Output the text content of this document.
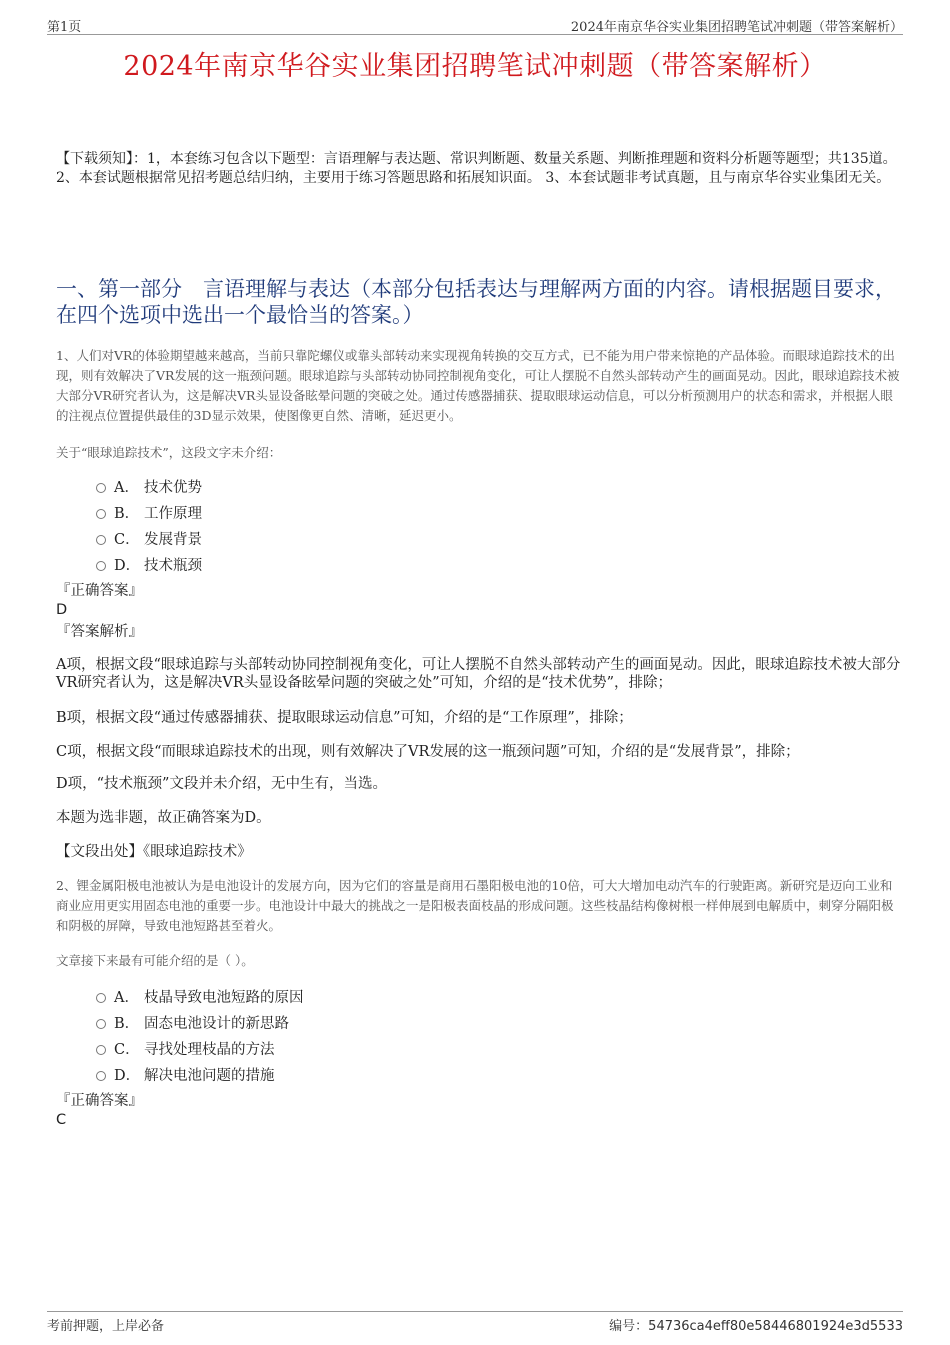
第1页	2024年南京华谷实业集团招聘笔试冲刺题（带答案解析）
2024年南京华谷实业集团招聘笔试冲刺题（带答案解析）
【下载须知】：1，本套练习包含以下题型：言语理解与表达题、常识判断题、数量关系题、判断推理题和资料分析题等题型；共135道。 2、本套试题根据常见招考题总结归纳，主要用于练习答题思路和拓展知识面。 3、本套试题非考试真题，且与南京华谷实业集团无关。
一、第一部分　言语理解与表达（本部分包括表达与理解两方面的内容。请根据题目要求，在四个选项中选出一个最恰当的答案。）
1、人们对VR的体验期望越来越高，当前只靠陀螺仪或靠头部转动来实现视角转换的交互方式，已不能为用户带来惊艳的产品体验。而眼球追踪技术的出现，则有效解决了VR发展的这一瓶颈问题。眼球追踪与头部转动协同控制视角变化，可让人摆脱不自然头部转动产生的画面晃动。因此，眼球追踪技术被大部分VR研究者认为，这是解决VR头显设备眩晕问题的突破之处。通过传感器捕获、提取眼球运动信息，可以分析预测用户的状态和需求，并根据人眼的注视点位置提供最佳的3D显示效果，使图像更自然、清晰，延迟更小。
关于“眼球追踪技术”，这段文字未介绍：
A． 技术优势
B． 工作原理
C． 发展背景
D． 技术瓶颈
『正确答案』
D
『答案解析』
A项，根据文段“眼球追踪与头部转动协同控制视角变化，可让人摆脱不自然头部转动产生的画面晃动。因此，眼球追踪技术被大部分VR研究者认为，这是解决VR头显设备眩晕问题的突破之处”可知，介绍的是“技术优势”，排除；
B项，根据文段“通过传感器捕获、提取眼球运动信息”可知，介绍的是“工作原理”，排除；
C项，根据文段“而眼球追踪技术的出现，则有效解决了VR发展的这一瓶颈问题”可知，介绍的是“发展背景”，排除；
D项，“技术瓶颈”文段并未介绍，无中生有，当选。
本题为选非题，故正确答案为D。
【文段出处】《眼球追踪技术》
2、锂金属阳极电池被认为是电池设计的发展方向，因为它们的容量是商用石墨阳极电池的10倍，可大大增加电动汽车的行驶距离。新研究是迈向工业和商业应用更实用固态电池的重要一步。电池设计中最大的挑战之一是阳极表面枝晶的形成问题。这些枝晶结构像树根一样伸展到电解质中，刺穿分隔阳极和阴极的屏障，导致电池短路甚至着火。
文章接下来最有可能介绍的是（ ）。
A． 枝晶导致电池短路的原因
B． 固态电池设计的新思路
C． 寻找处理枝晶的方法
D． 解决电池问题的措施
『正确答案』
C
考前押题，上岸必备	编号：54736ca4eff80e58446801924e3d5533
